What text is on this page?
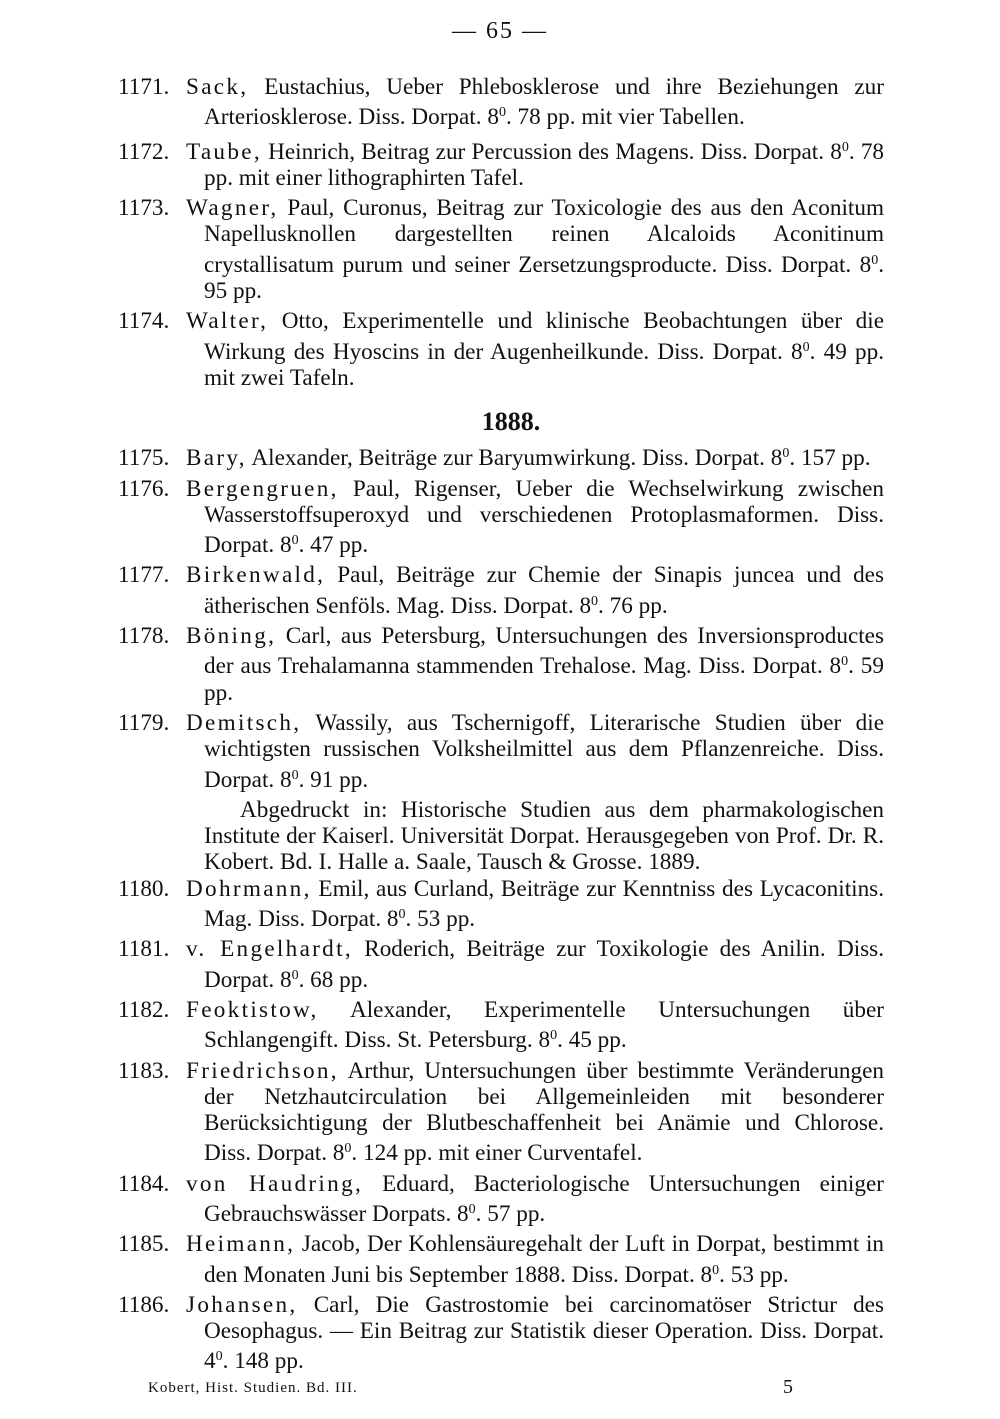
— 65 —
1171. Sack, Eustachius, Ueber Phlebosklerose und ihre Beziehungen zur Arteriosklerose. Diss. Dorpat. $8^0$. 78 pp. mit vier Tabellen.
1172. Taube, Heinrich, Beitrag zur Percussion des Magens. Diss. Dorpat. $8^0$. 78 pp. mit einer lithographirten Tafel.
1173. Wagner, Paul, Curonus, Beitrag zur Toxicologie des aus den Aconitum Napellusknollen dargestellten reinen Alcaloids Aconitinum crystallisatum purum und seiner Zersetzungsproducte. Diss. Dorpat. $8^0$. 95 pp.
1174. Walter, Otto, Experimentelle und klinische Beobachtungen über die Wirkung des Hyoscins in der Augenheilkunde. Diss. Dorpat. $8^0$. 49 pp. mit zwei Tafeln.
1888.
1175. Bary, Alexander, Beiträge zur Baryumwirkung. Diss. Dorpat. $8^0$. 157 pp.
1176. Bergengruen, Paul, Rigenser, Ueber die Wechselwirkung zwischen Wasserstoffsuperoxyd und verschiedenen Protoplasmaformen. Diss. Dorpat. $8^0$. 47 pp.
1177. Birkenwald, Paul, Beiträge zur Chemie der Sinapis juncea und des ätherischen Senföls. Mag. Diss. Dorpat. $8^0$. 76 pp.
1178. Böning, Carl, aus Petersburg, Untersuchungen des Inversionsproductes der aus Trehalamanna stammenden Trehalose. Mag. Diss. Dorpat. $8^0$. 59 pp.
1179. Demitsch, Wassily, aus Tschernigoff, Literarische Studien über die wichtigsten russischen Volksheilmittel aus dem Pflanzenreiche. Diss. Dorpat. $8^0$. 91 pp.
Abgedruckt in: Historische Studien aus dem pharmakologischen Institute der Kaiserl. Universität Dorpat. Herausgegeben von Prof. Dr. R. Kobert. Bd. I. Halle a. Saale, Tausch & Grosse. 1889.
1180. Dohrmann, Emil, aus Curland, Beiträge zur Kenntniss des Lycaconitins. Mag. Diss. Dorpat. $8^0$. 53 pp.
1181. v. Engelhardt, Roderich, Beiträge zur Toxikologie des Anilin. Diss. Dorpat. $8^0$. 68 pp.
1182. Feoktistow, Alexander, Experimentelle Untersuchungen über Schlangengift. Diss. St. Petersburg. $8^0$. 45 pp.
1183. Friedrichson, Arthur, Untersuchungen über bestimmte Veränderungen der Netzhautcirculation bei Allgemeinleiden mit besonderer Berücksichtigung der Blutbeschaffenheit bei Anämie und Chlorose. Diss. Dorpat. $8^0$. 124 pp. mit einer Curventafel.
1184. von Haudring, Eduard, Bacteriologische Untersuchungen einiger Gebrauchswässer Dorpats. $8^0$. 57 pp.
1185. Heimann, Jacob, Der Kohlensäuregehalt der Luft in Dorpat, bestimmt in den Monaten Juni bis September 1888. Diss. Dorpat. $8^0$. 53 pp.
1186. Johansen, Carl, Die Gastrostomie bei carcinomatöser Strictur des Oesophagus. — Ein Beitrag zur Statistik dieser Operation. Diss. Dorpat. $4^0$. 148 pp.
Kobert, Hist. Studien. Bd. III.	5
